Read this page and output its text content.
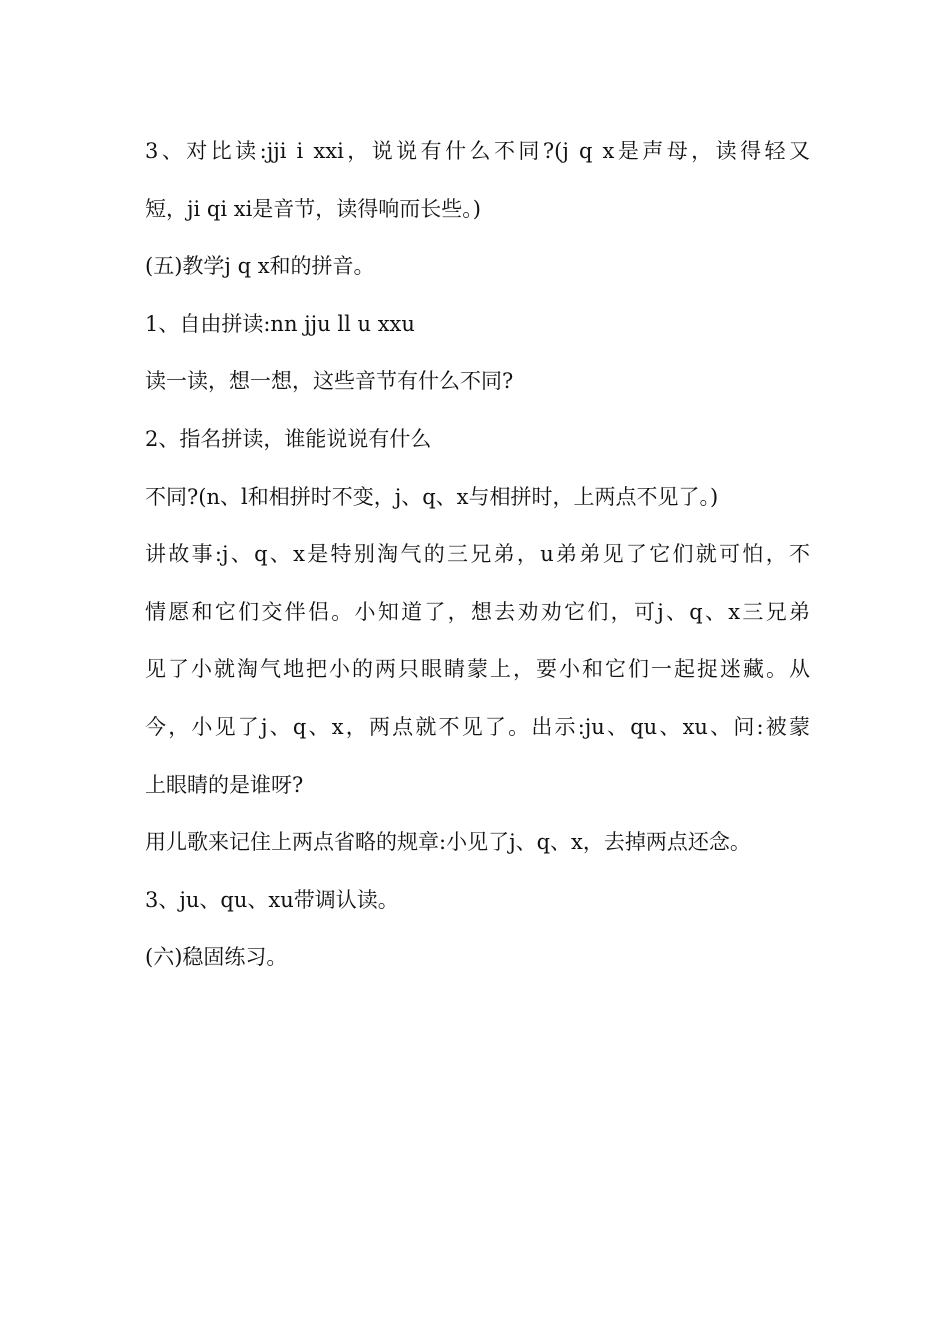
3、对比读:jji i xxi，说说有什么不同?(j q x是声母，读得轻又
短，ji qi xi是音节，读得响而长些。)
(五)教学j q x和的拼音。
1、自由拼读:nn jju ll u xxu
读一读，想一想，这些音节有什么不同?
2、指名拼读，谁能说说有什么
不同?(n、l和相拼时不变，j、q、x与相拼时，上两点不见了。)
讲故事:j、q、x是特别淘气的三兄弟，u弟弟见了它们就可怕，不
情愿和它们交伴侣。小知道了，想去劝劝它们，可j、q、x三兄弟
见了小就淘气地把小的两只眼睛蒙上，要小和它们一起捉迷藏。从
今，小见了j、q、x，两点就不见了。出示:ju、qu、xu、问:被蒙
上眼睛的是谁呀?
用儿歌来记住上两点省略的规章:小见了j、q、x，去掉两点还念。
3、ju、qu、xu带调认读。
(六)稳固练习。
